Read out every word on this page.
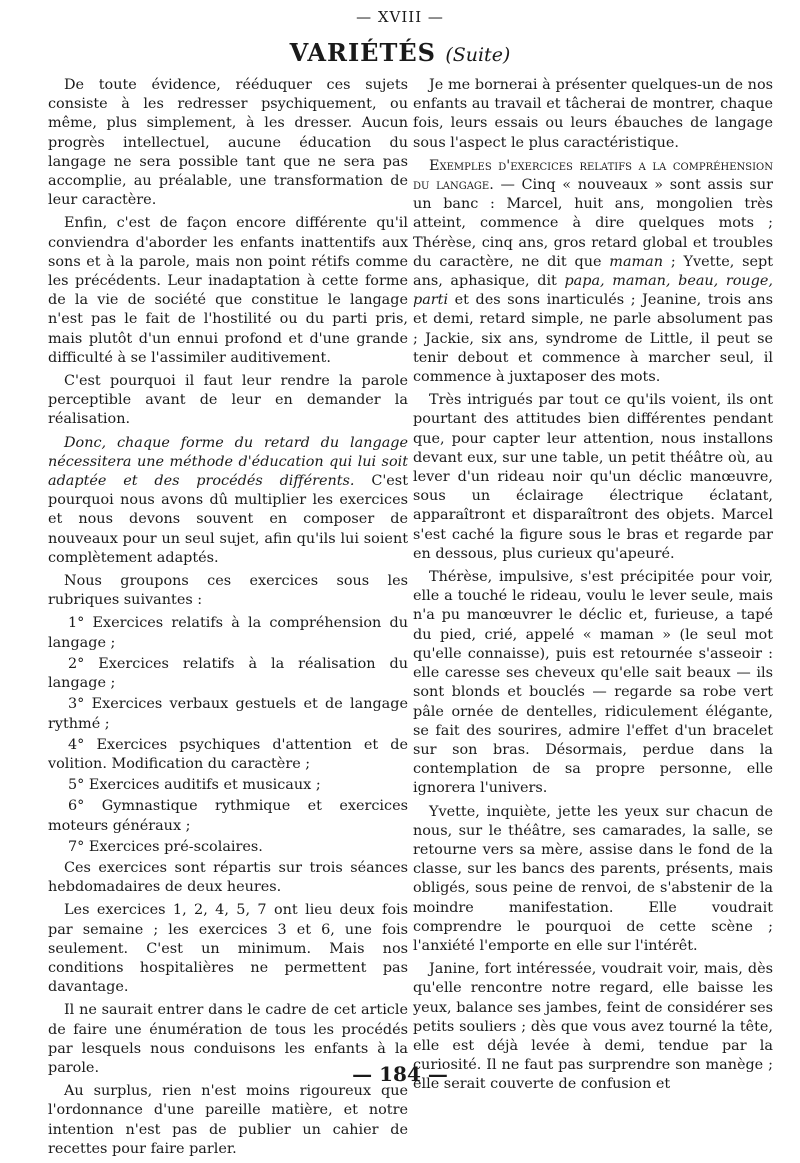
— XVIII —
VARIÉTÉS (Suite)

De toute évidence, rééduquer ces sujets consiste à les redresser psychiquement, ou même, plus simplement, à les dresser. Aucun progrès intellectuel, aucune éducation du langage ne sera possible tant que ne sera pas accomplie, au préalable, une transformation de leur caractère.

Enfin, c'est de façon encore différente qu'il conviendra d'aborder les enfants inattentifs aux sons et à la parole, mais non point rétifs comme les précédents. Leur inadaptation à cette forme de la vie de société que constitue le langage n'est pas le fait de l'hostilité ou du parti pris, mais plutôt d'un ennui profond et d'une grande difficulté à se l'assimiler auditivement.

C'est pourquoi il faut leur rendre la parole perceptible avant de leur en demander la réalisation.

Donc, chaque forme du retard du langage nécessitera une méthode d'éducation qui lui soit adaptée et des procédés différents. C'est pourquoi nous avons dû multiplier les exercices et nous devons souvent en composer de nouveaux pour un seul sujet, afin qu'ils lui soient complètement adaptés.

Nous groupons ces exercices sous les rubriques suivantes :

1° Exercices relatifs à la compréhension du langage ;

2° Exercices relatifs à la réalisation du langage ;

3° Exercices verbaux gestuels et de langage rythmé ;

4° Exercices psychiques d'attention et de volition. Modification du caractère ;

5° Exercices auditifs et musicaux ;

6° Gymnastique rythmique et exercices moteurs généraux ;

7° Exercices pré-scolaires.

Ces exercices sont répartis sur trois séances hebdomadaires de deux heures.

Les exercices 1, 2, 4, 5, 7 ont lieu deux fois par semaine ; les exercices 3 et 6, une fois seulement. C'est un minimum. Mais nos conditions hospitalières ne permettent pas davantage.

Il ne saurait entrer dans le cadre de cet article de faire une énumération de tous les procédés par lesquels nous conduisons les enfants à la parole.

Au surplus, rien n'est moins rigoureux que l'ordonnance d'une pareille matière, et notre intention n'est pas de publier un cahier de recettes pour faire parler.

Je me bornerai à présenter quelques-un de nos enfants au travail et tâcherai de montrer, chaque fois, leurs essais ou leurs ébauches de langage sous l'aspect le plus caractéristique.

Exemples d'exercices relatifs a la compréhension du langage. — Cinq « nouveaux » sont assis sur un banc : Marcel, huit ans, mongolien très atteint, commence à dire quelques mots ; Thérèse, cinq ans, gros retard global et troubles du caractère, ne dit que maman ; Yvette, sept ans, aphasique, dit papa, maman, beau, rouge, parti et des sons inarticulés ; Jeanine, trois ans et demi, retard simple, ne parle absolument pas ; Jackie, six ans, syndrome de Little, il peut se tenir debout et commence à marcher seul, il commence à juxtaposer des mots.

Très intrigués par tout ce qu'ils voient, ils ont pourtant des attitudes bien différentes pendant que, pour capter leur attention, nous installons devant eux, sur une table, un petit théâtre où, au lever d'un rideau noir qu'un déclic manœuvre, sous un éclairage électrique éclatant, apparaîtront et disparaîtront des objets. Marcel s'est caché la figure sous le bras et regarde par en dessous, plus curieux qu'apeuré.

Thérèse, impulsive, s'est précipitée pour voir, elle a touché le rideau, voulu le lever seule, mais n'a pu manœuvrer le déclic et, furieuse, a tapé du pied, crié, appelé « maman » (le seul mot qu'elle connaisse), puis est retournée s'asseoir : elle caresse ses cheveux qu'elle sait beaux — ils sont blonds et bouclés — regarde sa robe vert pâle ornée de dentelles, ridiculement élégante, se fait des sourires, admire l'effet d'un bracelet sur son bras. Désormais, perdue dans la contemplation de sa propre personne, elle ignorera l'univers.

Yvette, inquiète, jette les yeux sur chacun de nous, sur le théâtre, ses camarades, la salle, se retourne vers sa mère, assise dans le fond de la classe, sur les bancs des parents, présents, mais obligés, sous peine de renvoi, de s'abstenir de la moindre manifestation. Elle voudrait comprendre le pourquoi de cette scène ; l'anxiété l'emporte en elle sur l'intérêt.

Janine, fort intéressée, voudrait voir, mais, dès qu'elle rencontre notre regard, elle baisse les yeux, balance ses jambes, feint de considérer ses petits souliers ; dès que vous avez tourné la tête, elle est déjà levée à demi, tendue par la curiosité. Il ne faut pas surprendre son manège ; elle serait couverte de confusion et

— 184 —
